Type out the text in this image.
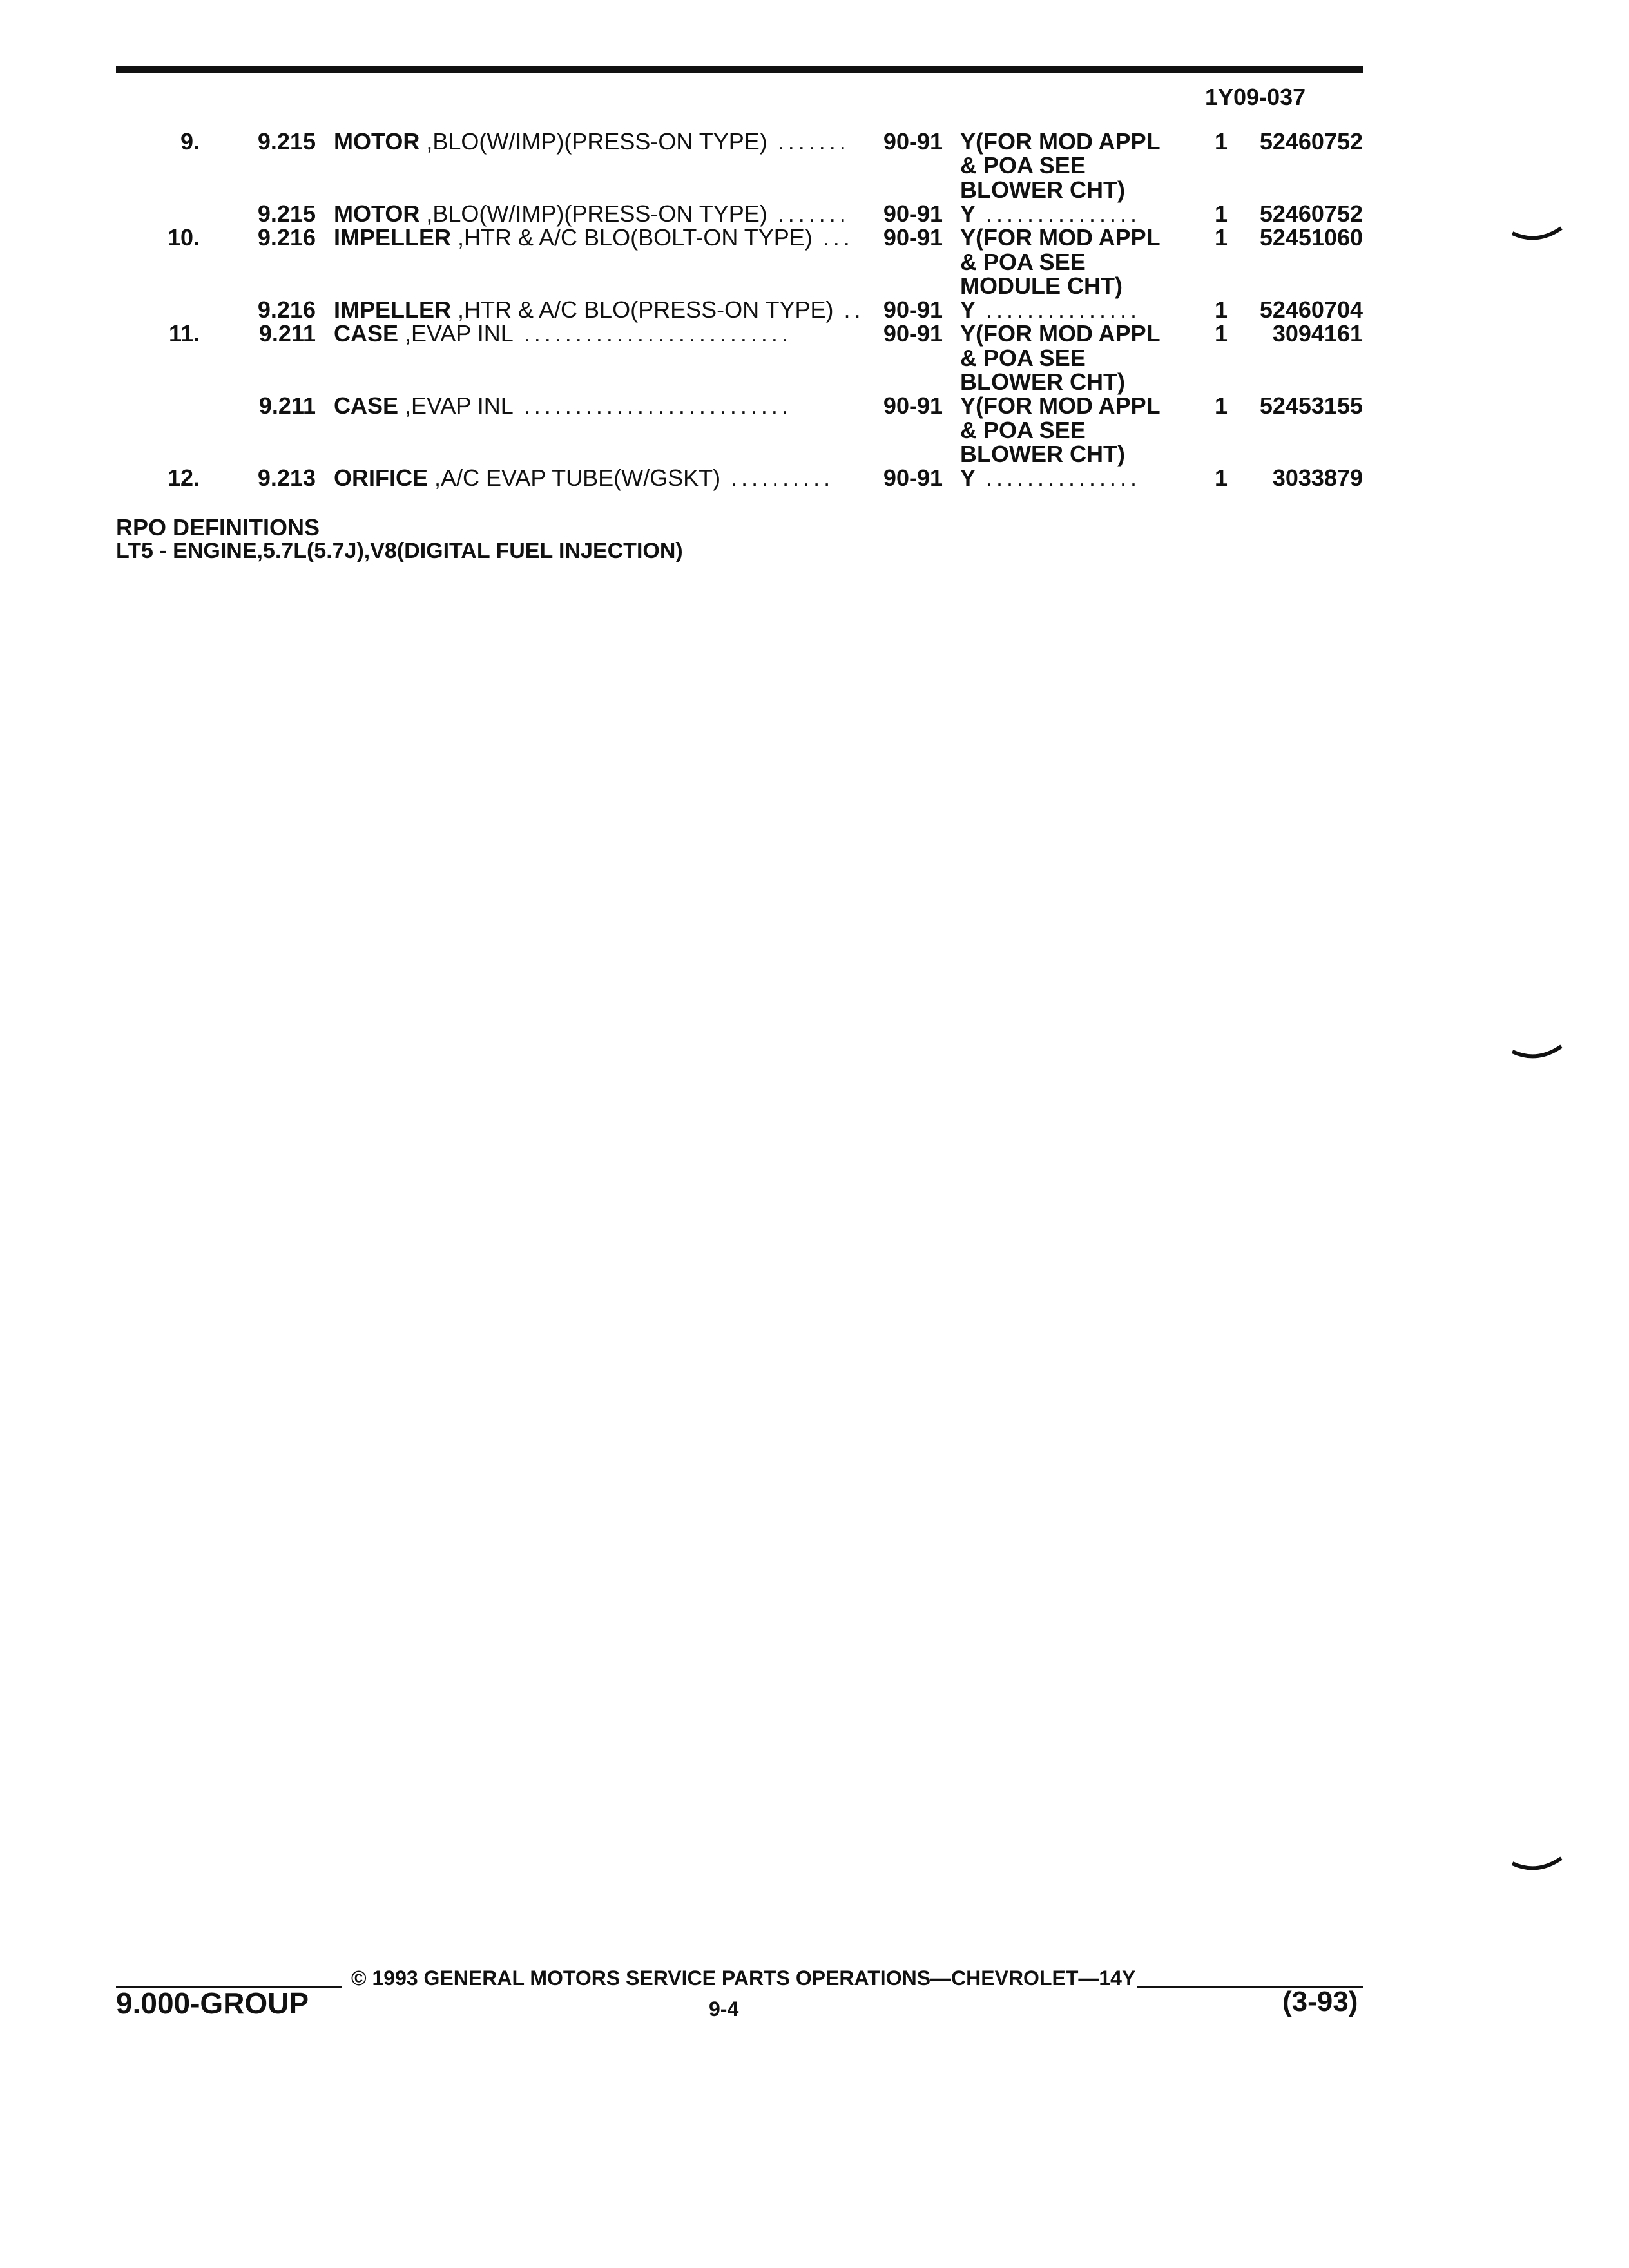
1Y09-037
9.	9.215 MOTOR ,BLO(W/IMP)(PRESS-ON TYPE) .......	90-91 Y(FOR MOD APPL	1	52460752
& POA SEE
BLOWER CHT)
9.215 MOTOR ,BLO(W/IMP)(PRESS-ON TYPE) .......	90-91 Y ...............	1	52460752
10.	9.216 IMPELLER ,HTR & A/C BLO(BOLT-ON TYPE) ...	90-91 Y(FOR MOD APPL	1	52451060
& POA SEE
MODULE CHT)
9.216 IMPELLER ,HTR & A/C BLO(PRESS-ON TYPE) .. 90-91 Y ...............	1	52460704
11.	9.211 CASE ,EVAP INL ..........................	90-91 Y(FOR MOD APPL	1	3094161
& POA SEE
BLOWER CHT)
9.211 CASE ,EVAP INL ..........................	90-91 Y(FOR MOD APPL	1	52453155
& POA SEE
BLOWER CHT)
12.	9.213 ORIFICE ,A/C EVAP TUBE(W/GSKT) ..........	90-91 Y ...............	1	3033879
RPO DEFINITIONS
LT5 - ENGINE,5.7L(5.7J),V8(DIGITAL FUEL INJECTION)
© 1993 GENERAL MOTORS SERVICE PARTS OPERATIONS—CHEVROLET—14Y
9.000-GROUP	9-4	(3-93)
